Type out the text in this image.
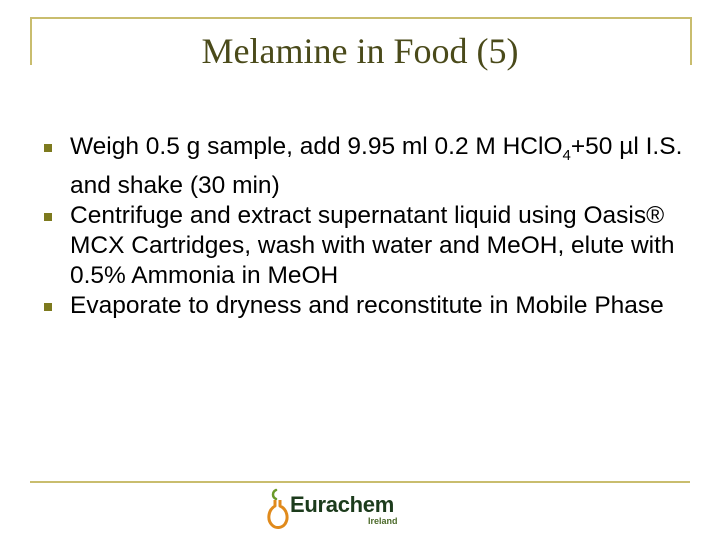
Melamine in Food (5)
Weigh 0.5 g sample, add 9.95 ml 0.2 M HClO$_4$+50 µl I.S. and shake (30 min)
Centrifuge and extract supernatant liquid using Oasis® MCX Cartridges, wash with water and MeOH, elute with 0.5% Ammonia in MeOH
Evaporate to dryness and reconstitute in Mobile Phase
Eurachem
Ireland
